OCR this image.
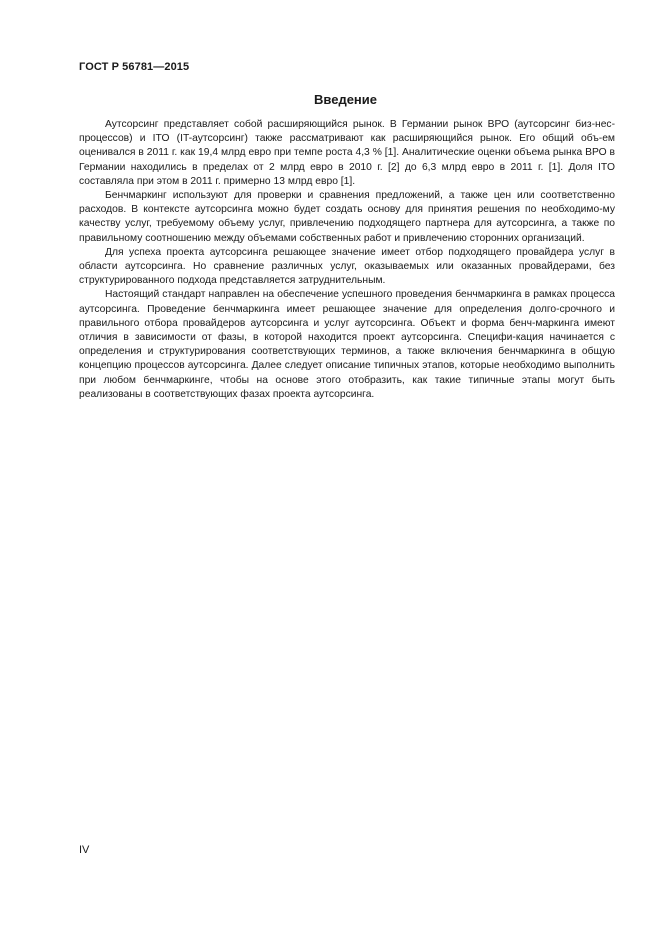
ГОСТ Р 56781—2015
Введение

Аутсорсинг представляет собой расширяющийся рынок. В Германии рынок ВРО (аутсорсинг биз-нес-процессов) и ITO (IT-аутсорсинг) также рассматривают как расширяющийся рынок. Его общий объ-ем оценивался в 2011 г. как 19,4 млрд евро при темпе роста 4,3 % [1]. Аналитические оценки объема рынка ВРО в Германии находились в пределах от 2 млрд евро в 2010 г. [2] до 6,3 млрд евро в 2011 г. [1]. Доля ITO составляла при этом в 2011 г. примерно 13 млрд евро [1].

Бенчмаркинг используют для проверки и сравнения предложений, а также цен или соответственно расходов. В контексте аутсорсинга можно будет создать основу для принятия решения по необходимо-му качеству услуг, требуемому объему услуг, привлечению подходящего партнера для аутсорсинга, а также по правильному соотношению между объемами собственных работ и привлечению сторонних организаций.

Для успеха проекта аутсорсинга решающее значение имеет отбор подходящего провайдера услуг в области аутсорсинга. Но сравнение различных услуг, оказываемых или оказанных провайдерами, без структурированного подхода представляется затруднительным.

Настоящий стандарт направлен на обеспечение успешного проведения бенчмаркинга в рамках процесса аутсорсинга. Проведение бенчмаркинга имеет решающее значение для определения долго-срочного и правильного отбора провайдеров аутсорсинга и услуг аутсорсинга. Объект и форма бенч-маркинга имеют отличия в зависимости от фазы, в которой находится проект аутсорсинга. Специфи-кация начинается с определения и структурирования соответствующих терминов, а также включения бенчмаркинга в общую концепцию процессов аутсорсинга. Далее следует описание типичных этапов, которые необходимо выполнить при любом бенчмаркинге, чтобы на основе этого отобразить, как такие типичные этапы могут быть реализованы в соответствующих фазах проекта аутсорсинга.

IV
